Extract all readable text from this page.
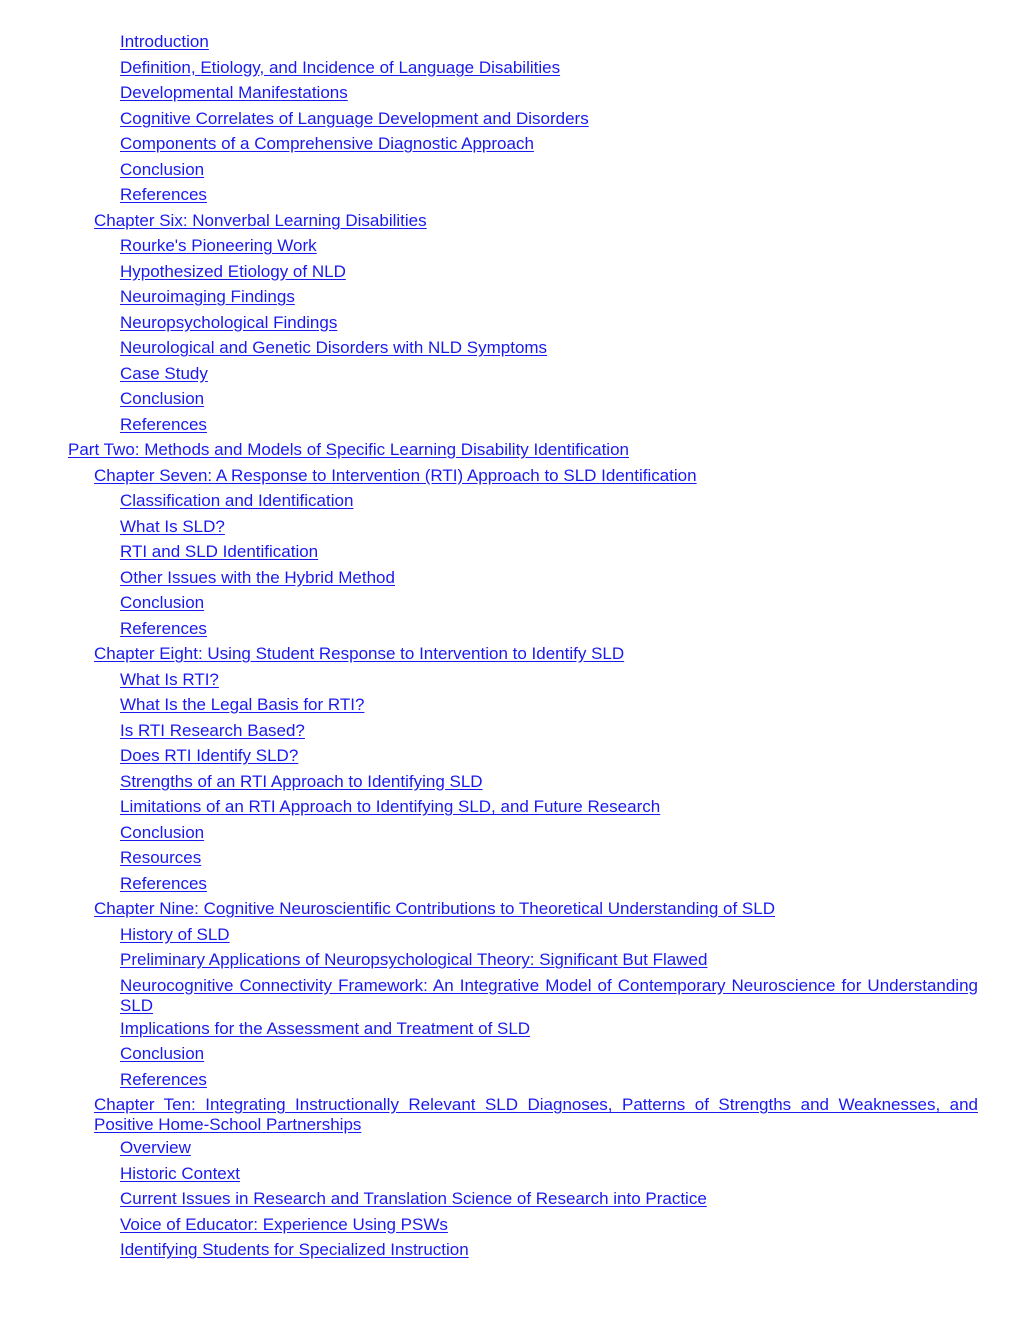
Introduction
Definition, Etiology, and Incidence of Language Disabilities
Developmental Manifestations
Cognitive Correlates of Language Development and Disorders
Components of a Comprehensive Diagnostic Approach
Conclusion
References
Chapter Six: Nonverbal Learning Disabilities
Rourke's Pioneering Work
Hypothesized Etiology of NLD
Neuroimaging Findings
Neuropsychological Findings
Neurological and Genetic Disorders with NLD Symptoms
Case Study
Conclusion
References
Part Two: Methods and Models of Specific Learning Disability Identification
Chapter Seven: A Response to Intervention (RTI) Approach to SLD Identification
Classification and Identification
What Is SLD?
RTI and SLD Identification
Other Issues with the Hybrid Method
Conclusion
References
Chapter Eight: Using Student Response to Intervention to Identify SLD
What Is RTI?
What Is the Legal Basis for RTI?
Is RTI Research Based?
Does RTI Identify SLD?
Strengths of an RTI Approach to Identifying SLD
Limitations of an RTI Approach to Identifying SLD, and Future Research
Conclusion
Resources
References
Chapter Nine: Cognitive Neuroscientific Contributions to Theoretical Understanding of SLD
History of SLD
Preliminary Applications of Neuropsychological Theory: Significant But Flawed
Neurocognitive Connectivity Framework: An Integrative Model of Contemporary Neuroscience for Understanding SLD
Implications for the Assessment and Treatment of SLD
Conclusion
References
Chapter Ten: Integrating Instructionally Relevant SLD Diagnoses, Patterns of Strengths and Weaknesses, and Positive Home-School Partnerships
Overview
Historic Context
Current Issues in Research and Translation Science of Research into Practice
Voice of Educator: Experience Using PSWs
Identifying Students for Specialized Instruction
